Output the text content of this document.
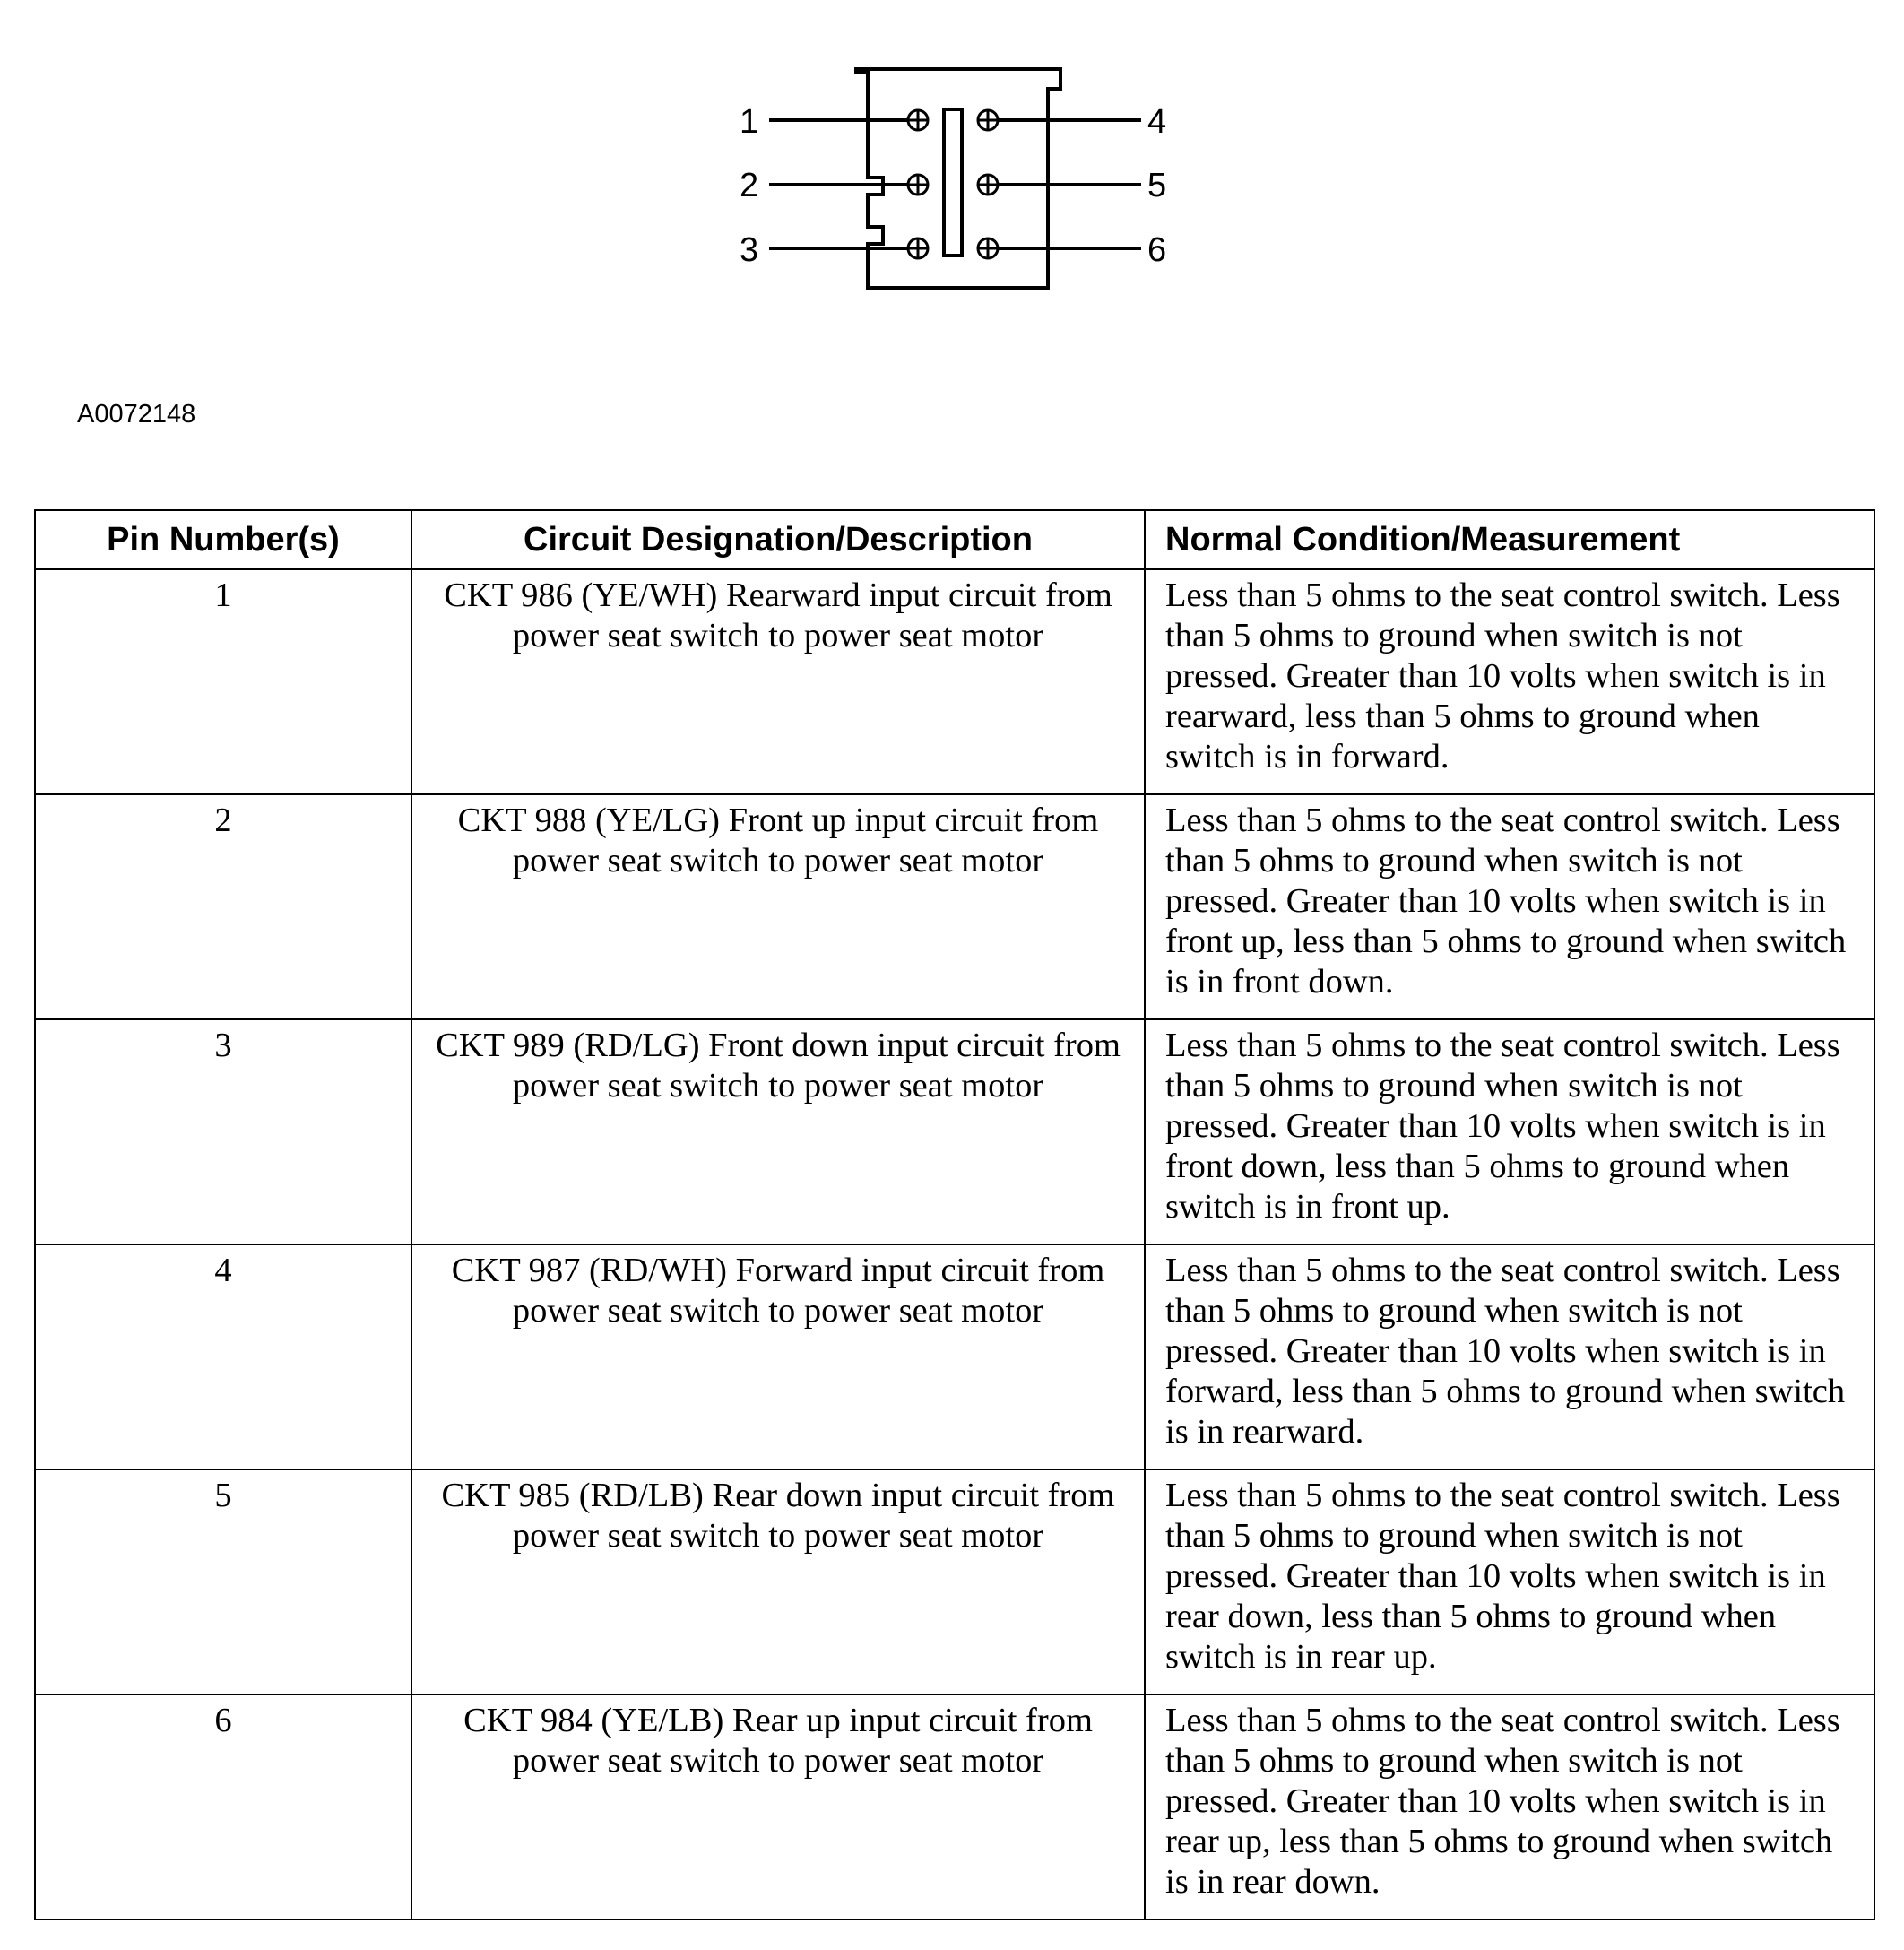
1
2
3
4
5
6
A0072148
Pin Number(s)	Circuit Designation/Description	Normal Condition/Measurement
1	CKT 986 (YE/WH) Rearward input circuit from power seat switch to power seat motor	Less than 5 ohms to the seat control switch. Less than 5 ohms to ground when switch is not pressed. Greater than 10 volts when switch is in rearward, less than 5 ohms to ground when switch is in forward.
2	CKT 988 (YE/LG) Front up input circuit from power seat switch to power seat motor	Less than 5 ohms to the seat control switch. Less than 5 ohms to ground when switch is not pressed. Greater than 10 volts when switch is in front up, less than 5 ohms to ground when switch is in front down.
3	CKT 989 (RD/LG) Front down input circuit from power seat switch to power seat motor	Less than 5 ohms to the seat control switch. Less than 5 ohms to ground when switch is not pressed. Greater than 10 volts when switch is in front down, less than 5 ohms to ground when switch is in front up.
4	CKT 987 (RD/WH) Forward input circuit from power seat switch to power seat motor	Less than 5 ohms to the seat control switch. Less than 5 ohms to ground when switch is not pressed. Greater than 10 volts when switch is in forward, less than 5 ohms to ground when switch is in rearward.
5	CKT 985 (RD/LB) Rear down input circuit from power seat switch to power seat motor	Less than 5 ohms to the seat control switch. Less than 5 ohms to ground when switch is not pressed. Greater than 10 volts when switch is in rear down, less than 5 ohms to ground when switch is in rear up.
6	CKT 984 (YE/LB) Rear up input circuit from power seat switch to power seat motor	Less than 5 ohms to the seat control switch. Less than 5 ohms to ground when switch is not pressed. Greater than 10 volts when switch is in rear up, less than 5 ohms to ground when switch is in rear down.
